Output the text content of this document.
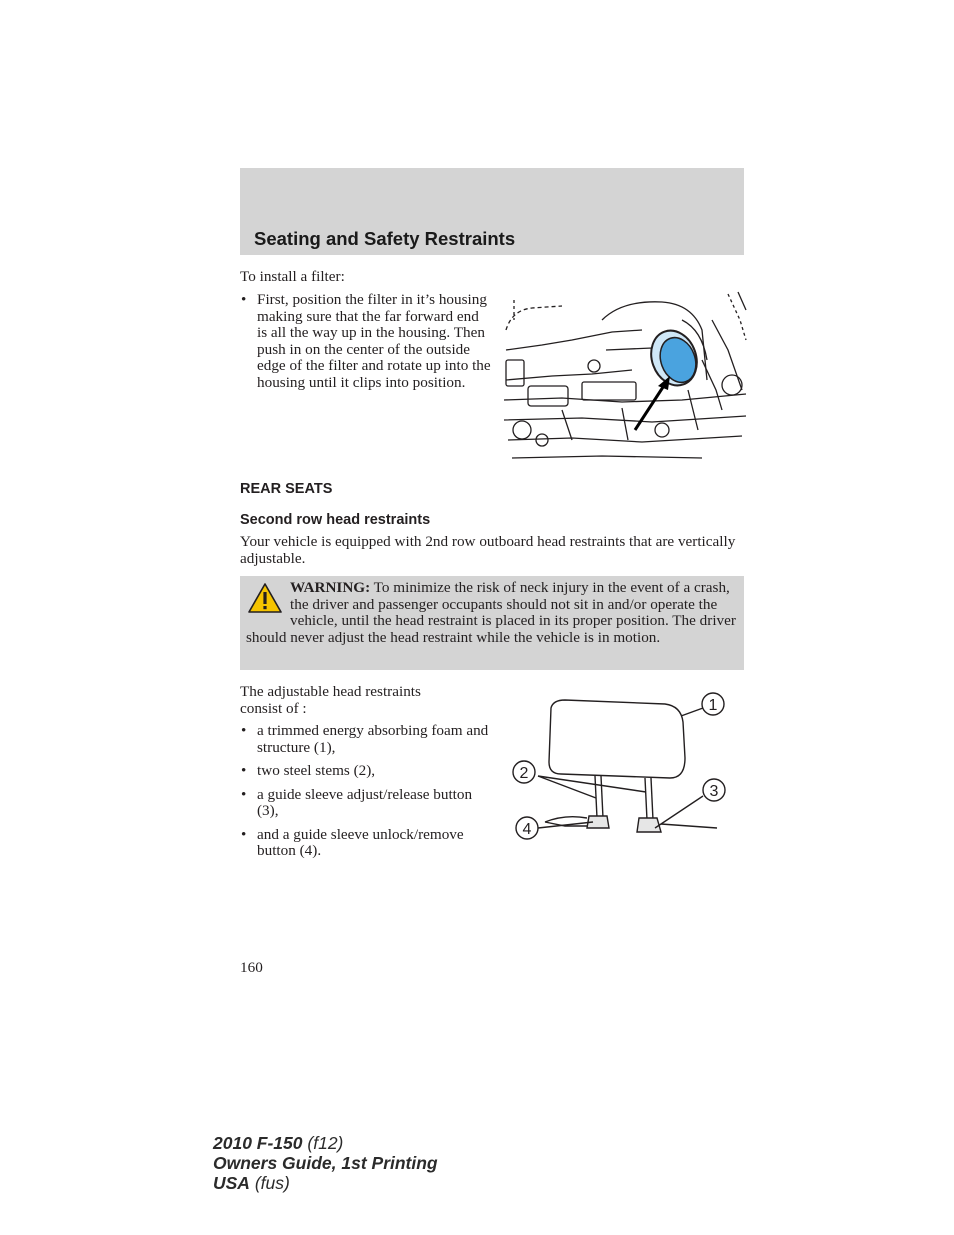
Seating and Safety Restraints
To install a filter:
• First, position the filter in it’s housing making sure that the far forward end is all the way up in the housing. Then push in on the center of the outside edge of the filter and rotate up into the housing until it clips into position.
REAR SEATS
Second row head restraints
Your vehicle is equipped with 2nd row outboard head restraints that are vertically adjustable.
WARNING: To minimize the risk of neck injury in the event of a crash, the driver and passenger occupants should not sit in and/or operate the vehicle, until the head restraint is placed in its proper position. The driver should never adjust the head restraint while the vehicle is in motion.
The adjustable head restraints consist of :
• a trimmed energy absorbing foam and structure (1),
• two steel stems (2),
• a guide sleeve adjust/release button (3),
• and a guide sleeve unlock/remove button (4).
1
2
3
4
160
2010 F-150 (f12)
Owners Guide, 1st Printing
USA (fus)
